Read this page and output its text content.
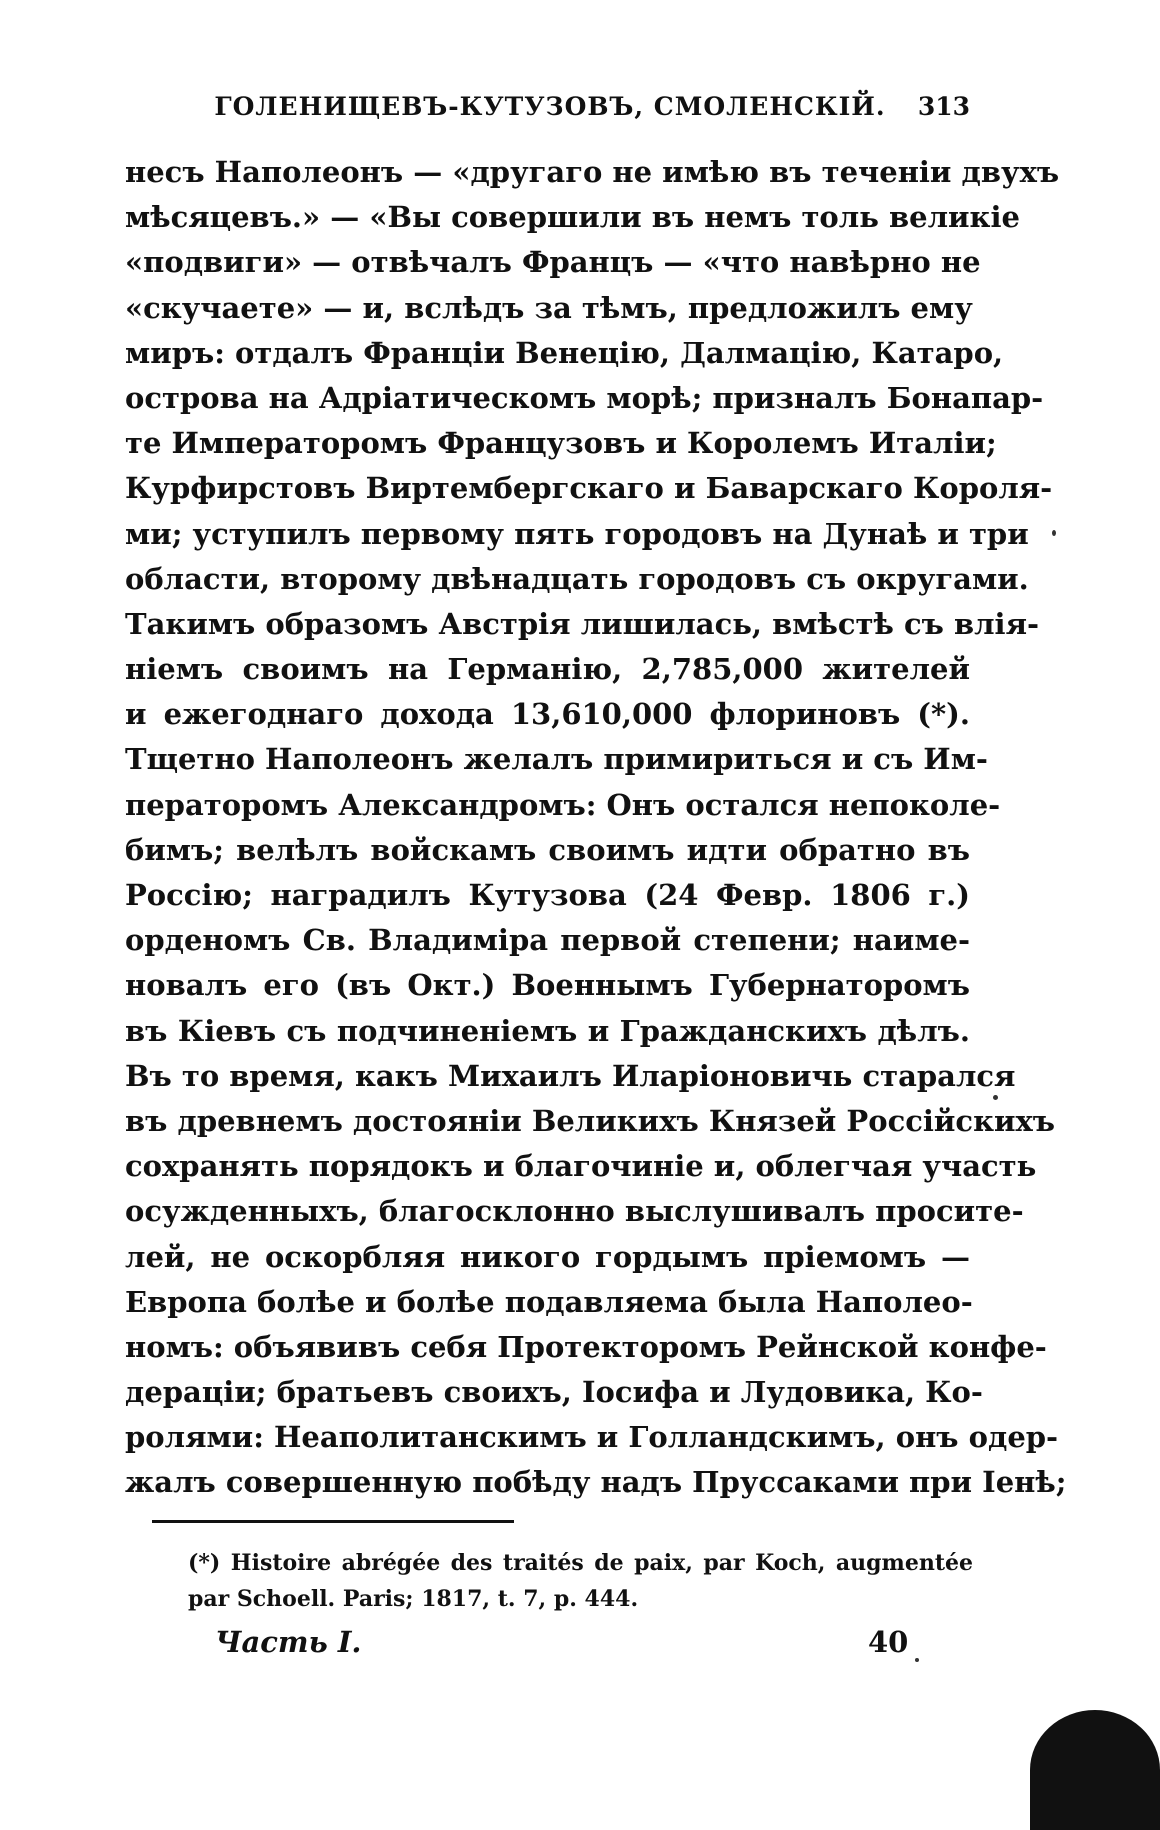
ГОЛЕНИЩЕВЪ-КУТУЗОВЪ, СМОЛЕНСКІЙ. 313
несъ Наполеонъ — «другаго не имѣю въ теченіи двухъ
мѣсяцевъ.» — «Вы совершили въ немъ толь великіе
«подвиги» — отвѣчалъ Францъ — «что навѣрно не
«скучаете» — и, вслѣдъ за тѣмъ, предложилъ ему
миръ: отдалъ Франціи Венецію, Далмацію, Катаро,
острова на Адріатическомъ морѣ; призналъ Бонапар-
те Императоромъ Французовъ и Королемъ Италіи;
Курфирстовъ Виртембергскаго и Баварскаго Короля-
ми; уступилъ первому пять городовъ на Дунаѣ и три
области, второму двѣнадцать городовъ съ округами.
Такимъ образомъ Австрія лишилась, вмѣстѣ съ влія-
ніемъ своимъ на Германію, 2,785,000 жителей
и ежегоднаго дохода 13,610,000 флориновъ (*).
Тщетно Наполеонъ желалъ примириться и съ Им-
ператоромъ Александромъ: Онъ остался непоколе-
бимъ; велѣлъ войскамъ своимъ идти обратно въ
Россію; наградилъ Кутузова (24 Февр. 1806 г.)
орденомъ Св. Владиміра первой степени; наиме-
новалъ его (въ Окт.) Военнымъ Губернаторомъ
въ Кіевъ съ подчиненіемъ и Гражданскихъ дѣлъ.
Въ то время, какъ Михаилъ Иларіоновичь старался
въ древнемъ достояніи Великихъ Князей Россійскихъ
сохранять порядокъ и благочиніе и, облегчая участь
осужденныхъ, благосклонно выслушивалъ просите-
лей, не оскорбляя никого гордымъ пріемомъ —
Европа болѣе и болѣе подавляема была Наполео-
номъ: объявивъ себя Протекторомъ Рейнской конфе-
дераціи; братьевъ своихъ, Іосифа и Лудовика, Ко-
ролями: Неаполитанскимъ и Голландскимъ, онъ одер-
жалъ совершенную побѣду надъ Пруссаками при Іенѣ;
(*) Histoire abrégée des traités de paix, par Koch, augmentée
par Schoell. Paris; 1817, t. 7, p. 444.
Часть I.	40
